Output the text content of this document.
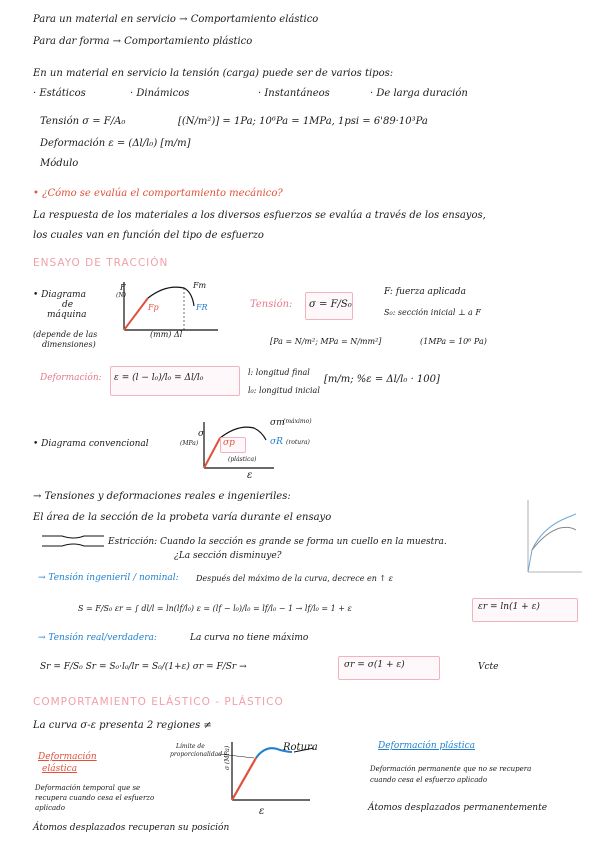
Para un material en servicio → Comportamiento elástico
Para dar forma → Comportamiento plástico
En un material en servicio la tensión (carga) puede ser de varios tipos:
· Estáticos	· Dinámicos	· Instantáneos	· De larga duración
Tensión σ = F/A₀	[(N/m²)] = 1Pa; 10⁶Pa = 1MPa, 1psi = 6'89·10³Pa
Deformación ε = (Δl/l₀) [m/m]
Módulo
• ¿Cómo se evalúa el comportamiento mecánico?
La respuesta de los materiales a los diversos esfuerzos se evalúa a través de los ensayos,
los cuales van en función del tipo de esfuerzo
ENSAYO DE TRACCIÓN
• Diagrama
de
máquina
(depende de las
dimensiones)
F
(N)
(mm) Δl
Fm
Fp	FR	Tensión: σ = F/S₀
F: fuerza aplicada
S₀: sección inicial ⊥ a F
[Pa = N/m²; MPa = N/mm²]	(1MPa = 10⁶ Pa)
Deformación: ε = (l − l₀)/l₀ = Δl/l₀
l: longitud final
l₀: longitud inicial
[m/m; %ε = Δl/l₀ · 100]
• Diagrama convencional
σ
(MPa)
σm
(máximo)
σp	σR (rotura)
(plástica)
ε
→ Tensiones y deformaciones reales e ingenieriles:
El área de la sección de la probeta varía durante el ensayo
Estricción: Cuando la sección es grande se forma un cuello en la muestra.
¿La sección disminuye?
→ Tensión ingenieril / nominal: Después del máximo de la curva, decrece en ↑ ε
S = F/S₀ εr = ∫ dl/l = ln(lf/l₀) ε = (lf − l₀)/l₀ = lf/l₀ − 1 → lf/l₀ = 1 + ε	εr = ln(1 + ε)
→ Tensión real/verdadera:	La curva no tiene máximo
Sr = F/S₀ Sr = S₀·l₀/lr = S₀/(1+ε) σr = F/Sr →	σr = σ(1 + ε)	Vcte
COMPORTAMIENTO ELÁSTICO - PLÁSTICO
La curva σ-ε presenta 2 regiones ≠
Deformación
elástica
Deformación temporal que se
recupera cuando cesa el esfuerzo
aplicado
Átomos desplazados recuperan su posición
Límite de
proporcionalidad
Rotura
σ (MPa)
ε
Deformación plástica
Deformación permanente que no se recupera
cuando cesa el esfuerzo aplicado
Átomos desplazados permanentemente
